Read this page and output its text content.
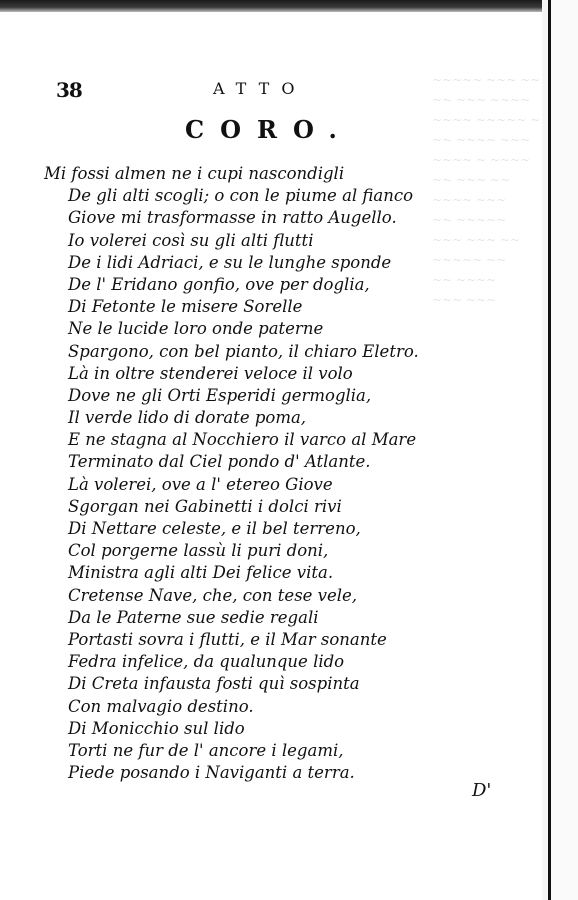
~~~~~ ~~~ ~~
~~ ~~~ ~~~~
~~~~ ~~~~~ ~
~~ ~~~~ ~~~
~~~~ ~ ~~~~
~~ ~~~ ~~
~~~~ ~~~
~~ ~~~~~
~~~ ~~~ ~~
~~~~~ ~~
~~ ~~~~
~~~ ~~~
38	ATTO
CORO.
Mi fossi almen ne i cupi nascondigli
De gli alti scogli; o con le piume al fianco
Giove mi trasformasse in ratto Augello.
Io volerei così su gli alti flutti
De i lidi Adriaci, e su le lunghe sponde
De l' Eridano gonfio, ove per doglia,
Di Fetonte le misere Sorelle
Ne le lucide loro onde paterne
Spargono, con bel pianto, il chiaro Eletro.
Là in oltre stenderei veloce il volo
Dove ne gli Orti Esperidi germoglia,
Il verde lido di dorate poma,
E ne stagna al Nocchiero il varco al Mare
Terminato dal Ciel pondo d' Atlante.
Là volerei, ove a l' etereo Giove
Sgorgan nei Gabinetti i dolci rivi
Di Nettare celeste, e il bel terreno,
Col porgerne lassù li puri doni,
Ministra agli alti Dei felice vita.
Cretense Nave, che, con tese vele,
Da le Paterne sue sedie regali
Portasti sovra i flutti, e il Mar sonante
Fedra infelice, da qualunque lido
Di Creta infausta fosti quì sospinta
Con malvagio destino.
Di Monicchio sul lido
Torti ne fur de l' ancore i legami,
Piede posando i Naviganti a terra.
D'
